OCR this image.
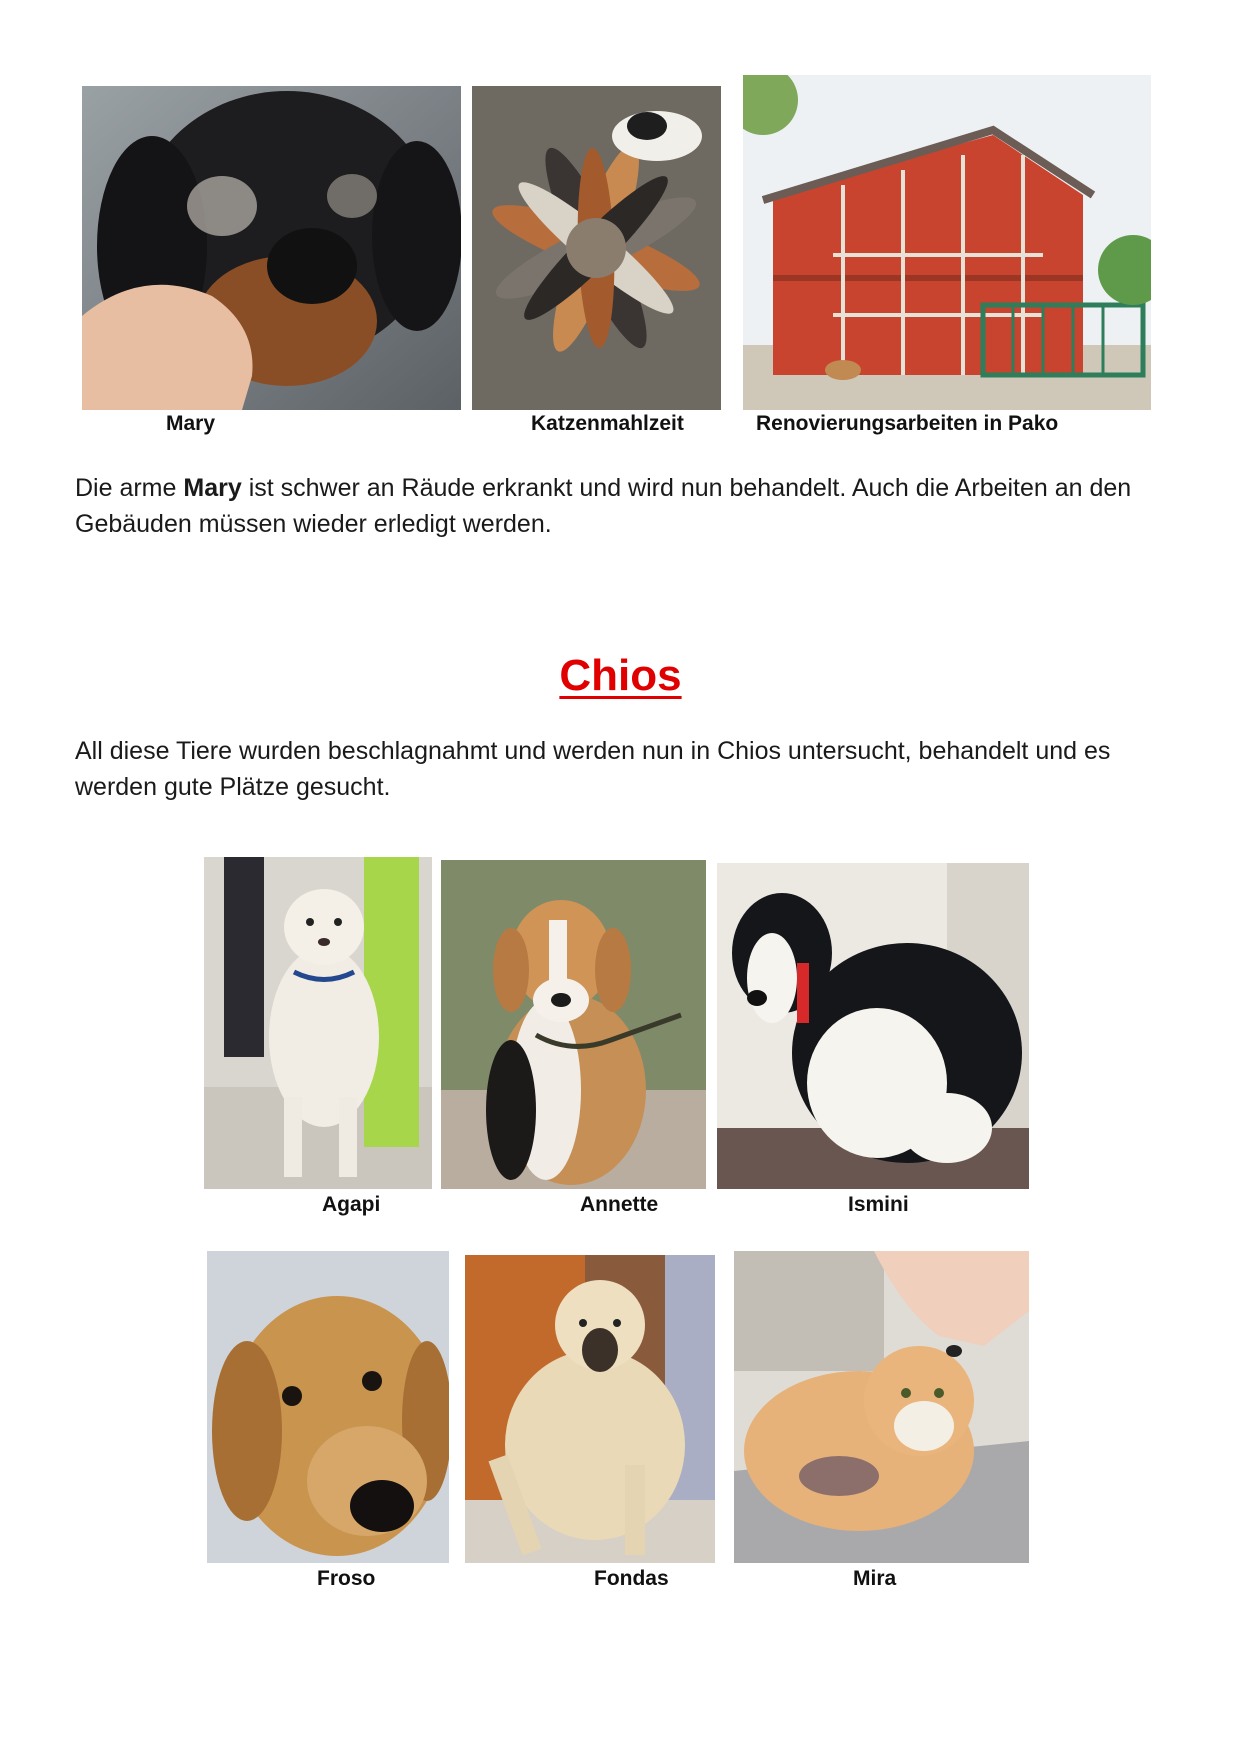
Mary	Katzenmahlzeit	Renovierungsarbeiten in Pako
Die arme Mary ist schwer an Räude erkrankt und wird nun behandelt. Auch die Arbeiten an den Gebäuden müssen wieder erledigt werden.
Chios
All diese Tiere wurden beschlagnahmt und werden nun in Chios untersucht, behandelt und es werden gute Plätze gesucht.
Agapi	Annette	Ismini
Froso	Fondas	Mira
